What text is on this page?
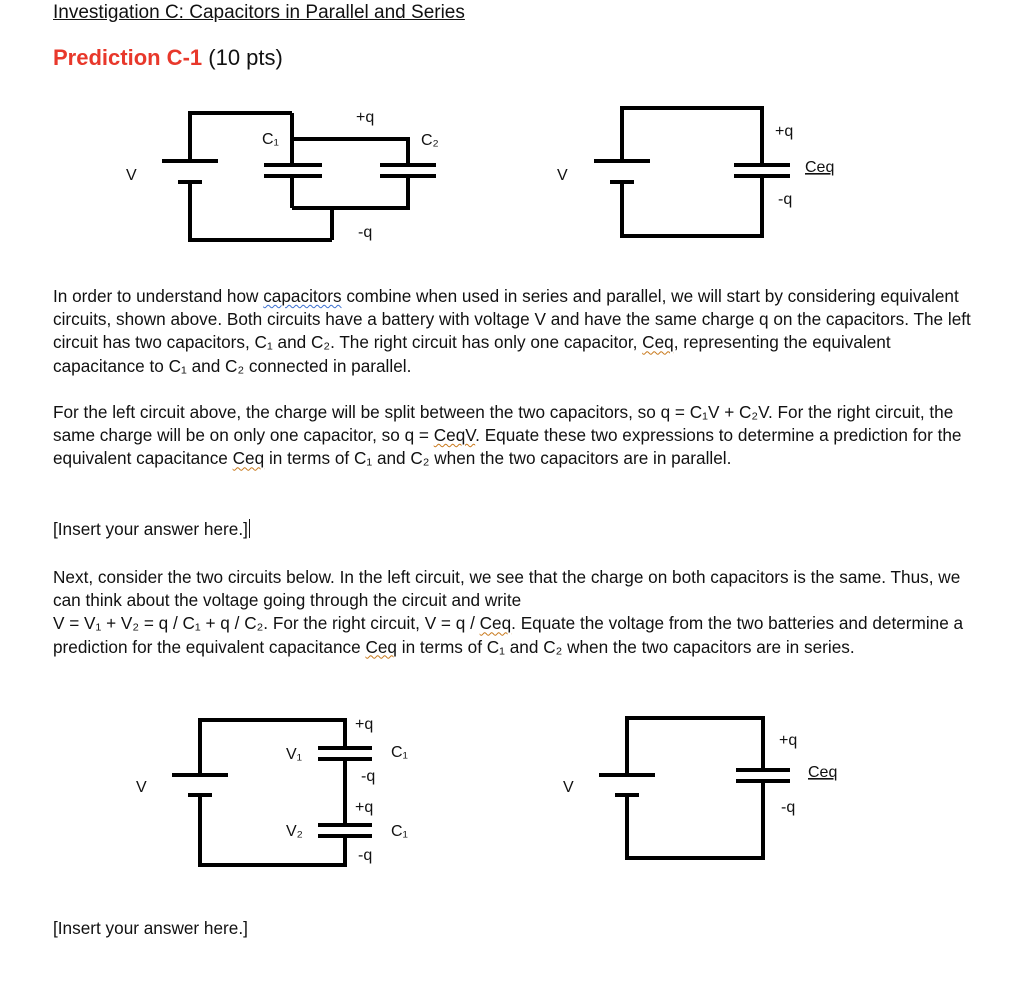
Investigation C: Capacitors in Parallel and Series
Prediction C-1 (10 pts)
V
C₁	C₂
+q
-q
V
+q
Ceq
-q
V
V₁
V₂
+q
-q
+q
-q
C₁
C₁
V
+q
Ceq
-q

In order to understand how capacitors combine when used in series and parallel, we will start by considering equivalent circuits, shown above. Both circuits have a battery with voltage V and have the same charge q on the capacitors. The left circuit has two capacitors, C₁ and C₂. The right circuit has only one capacitor, Ceq, representing the equivalent capacitance to C₁ and C₂ connected in parallel.

For the left circuit above, the charge will be split between the two capacitors, so q = C₁V + C₂V. For the right circuit, the same charge will be on only one capacitor, so q = CeqV. Equate these two expressions to determine a prediction for the equivalent capacitance Ceq in terms of C₁ and C₂ when the two capacitors are in parallel.

[Insert your answer here.]

Next, consider the two circuits below. In the left circuit, we see that the charge on both capacitors is the same. Thus, we can think about the voltage going through the circuit and write
V = V₁ + V₂ = q / C₁ + q / C₂. For the right circuit, V = q / Ceq. Equate the voltage from the two batteries and determine a prediction for the equivalent capacitance Ceq in terms of C₁ and C₂ when the two capacitors are in series.

[Insert your answer here.]
